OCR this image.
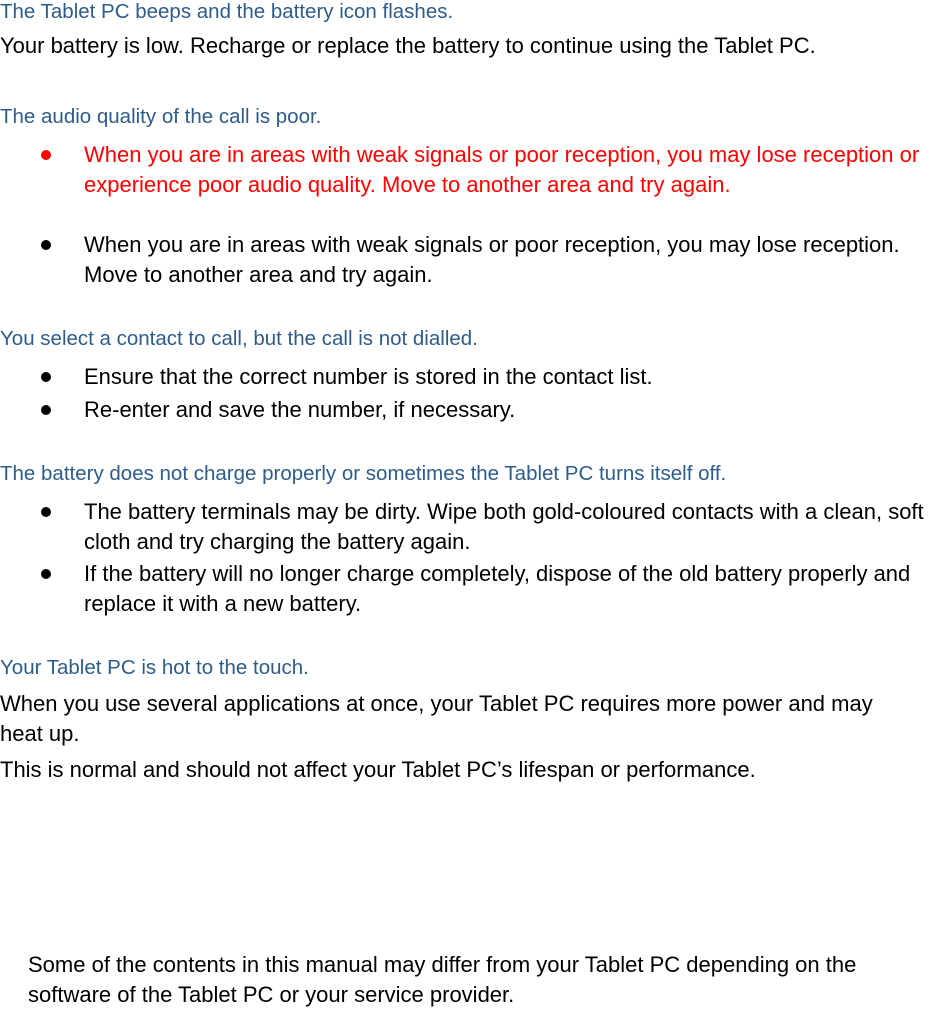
The Tablet PC beeps and the battery icon flashes.
Your battery is low. Recharge or replace the battery to continue using the Tablet PC.
The audio quality of the call is poor.
When you are in areas with weak signals or poor reception, you may lose reception or experience poor audio quality. Move to another area and try again.
When you are in areas with weak signals or poor reception, you may lose reception. Move to another area and try again.
You select a contact to call, but the call is not dialled.
Ensure that the correct number is stored in the contact list.
Re-enter and save the number, if necessary.
The battery does not charge properly or sometimes the Tablet PC turns itself off.
The battery terminals may be dirty. Wipe both gold-coloured contacts with a clean, soft cloth and try charging the battery again.
If the battery will no longer charge completely, dispose of the old battery properly and replace it with a new battery.
Your Tablet PC is hot to the touch.
When you use several applications at once, your Tablet PC requires more power and may heat up.
This is normal and should not affect your Tablet PC’s lifespan or performance.
Some of the contents in this manual may differ from your Tablet PC depending on the software of the Tablet PC or your service provider.
